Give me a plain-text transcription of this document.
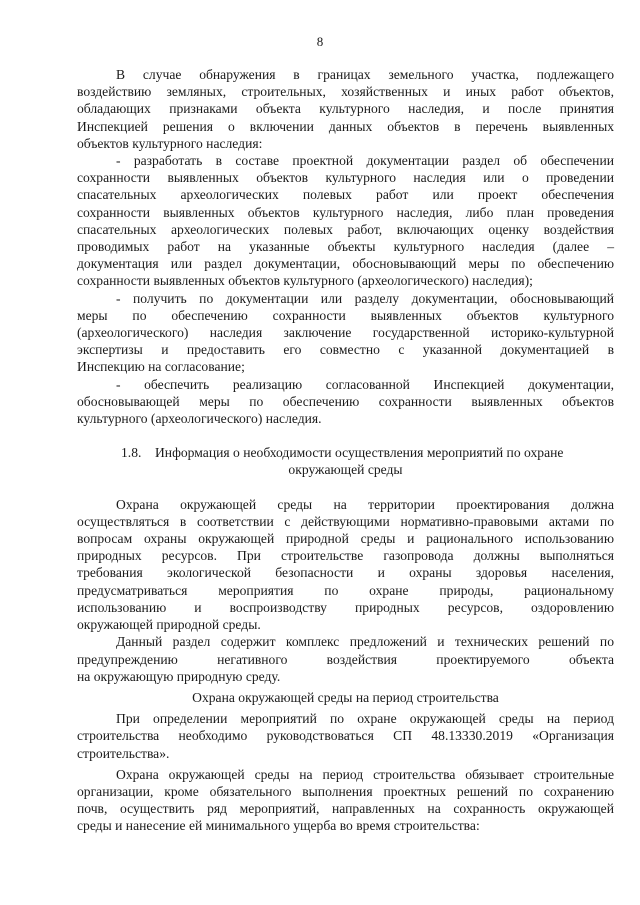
8
В случае обнаружения в границах земельного участка, подлежащего
воздействию земляных, строительных, хозяйственных и иных работ объектов,
обладающих признаками объекта культурного наследия, и после принятия
Инспекцией решения о включении данных объектов в перечень выявленных
объектов культурного наследия:
- разработать в составе проектной документации раздел об обеспечении
сохранности выявленных объектов культурного наследия или о проведении
спасательных археологических полевых работ или проект обеспечения
сохранности выявленных объектов культурного наследия, либо план проведения
спасательных археологических полевых работ, включающих оценку воздействия
проводимых работ на указанные объекты культурного наследия (далее –
документация или раздел документации, обосновывающий меры по обеспечению
сохранности выявленных объектов культурного (археологического) наследия);
- получить по документации или разделу документации, обосновывающий
меры по обеспечению сохранности выявленных объектов культурного
(археологического) наследия заключение государственной историко-культурной
экспертизы и предоставить его совместно с указанной документацией в
Инспекцию на согласование;
- обеспечить реализацию согласованной Инспекцией документации,
обосновывающей меры по обеспечению сохранности выявленных объектов
культурного (археологического) наследия.
1.8. Информация о необходимости осуществления мероприятий по охране
окружающей среды
Охрана окружающей среды на территории проектирования должна
осуществляться в соответствии с действующими нормативно-правовыми актами по
вопросам охраны окружающей природной среды и рационального использованию
природных ресурсов. При строительстве газопровода должны выполняться
требования экологической безопасности и охраны здоровья населения,
предусматриваться мероприятия по охране природы, рациональному
использованию и воспроизводству природных ресурсов, оздоровлению
окружающей природной среды.
Данный раздел содержит комплекс предложений и технических решений по
предупреждению негативного воздействия проектируемого объекта
на окружающую природную среду.
Охрана окружающей среды на период строительства
При определении мероприятий по охране окружающей среды на период
строительства необходимо руководствоваться СП 48.13330.2019 «Организация
строительства».
Охрана окружающей среды на период строительства обязывает строительные
организации, кроме обязательного выполнения проектных решений по сохранению
почв, осуществить ряд мероприятий, направленных на сохранность окружающей
среды и нанесение ей минимального ущерба во время строительства:
